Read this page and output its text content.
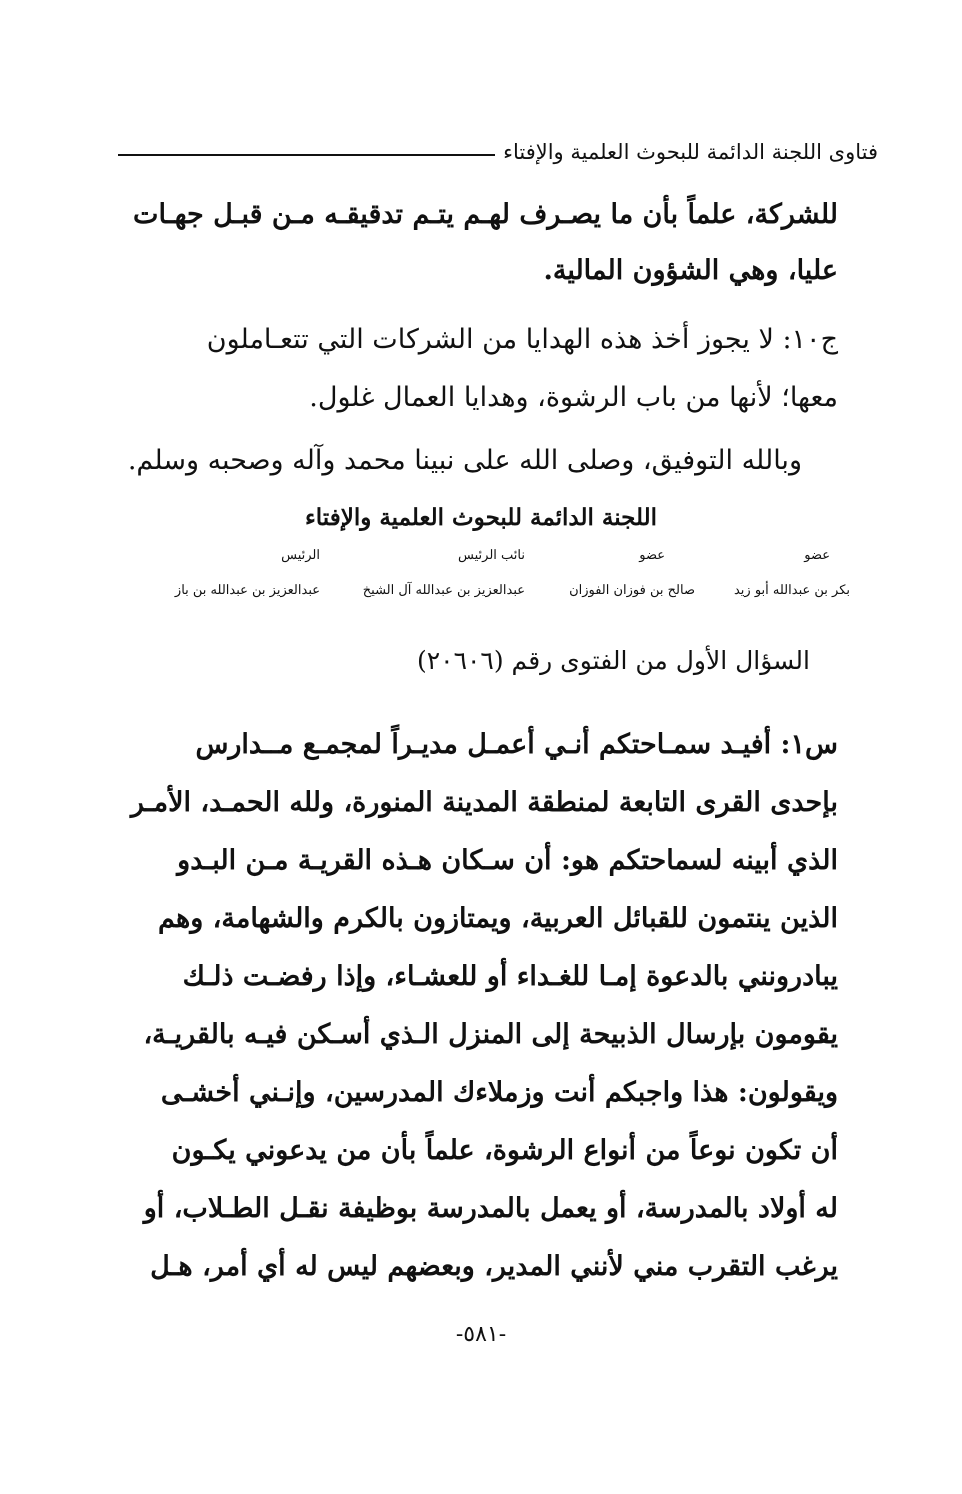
فتاوى اللجنة الدائمة للبحوث العلمية والإفتاء
للشركة، علماً بأن ما يصـرف لهـم يتـم تدقيقـه مـن قبـل جهـات
عليا، وهي الشؤون المالية.
ج١٠: لا يجوز أخذ هذه الهدايا من الشركات التي تتعـاملون
معها؛ لأنها من باب الرشوة، وهدايا العمال غلول.
وبالله التوفيق، وصلى الله على نبينا محمد وآله وصحبه وسلم.
اللجنة الدائمة للبحوث العلمية والإفتاء
عضو
عضو
نائب الرئيس
الرئيس
بكر بن عبدالله أبو زيد
صالح بن فوزان الفوزان
عبدالعزيز بن عبدالله آل الشيخ
عبدالعزيز بن عبدالله بن باز
السؤال الأول من الفتوى رقم (٢٠٦٠٦)
س١: أفيـد سمـاحتكم أنـي أعمـل مديـراً لمجمـع مــدارس
بإحدى القرى التابعة لمنطقة المدينة المنورة، ولله الحمـد، الأمـر
الذي أبينه لسماحتكم هو: أن سـكان هـذه القريـة مـن البـدو
الذين ينتمون للقبائل العربية، ويمتازون بالكرم والشهامة، وهم
يبادرونني بالدعوة إمـا للغـداء أو للعشـاء، وإذا رفضـت ذلـك
يقومون بإرسال الذبيحة إلى المنزل الـذي أسـكن فيـه بالقريـة،
ويقولون: هذا واجبكم أنت وزملاءك المدرسين، وإنـني أخشـى
أن تكون نوعاً من أنواع الرشوة، علماً بأن من يدعوني يكـون
له أولاد بالمدرسة، أو يعمل بالمدرسة بوظيفة نقـل الطـلاب، أو
يرغب التقرب مني لأنني المدير، وبعضهم ليس له أي أمر، هـل
-٥٨١-
